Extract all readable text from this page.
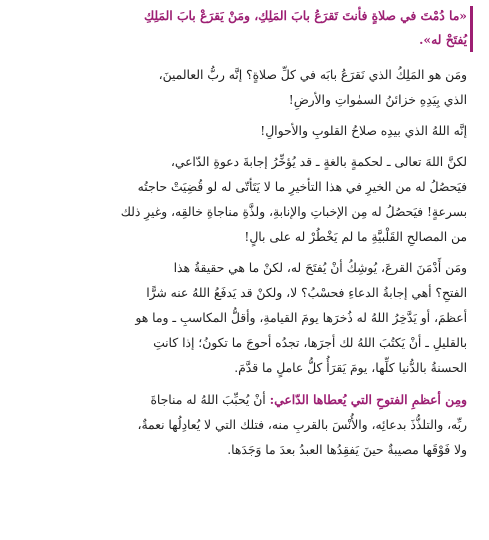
«ما دُمْتَ في صلاةٍ فأنتَ تَقرَعُ بابَ المَلِكِ، ومَنْ يَقرَعْ بابَ المَلِكِ
يُفتَحْ له».
ومَن هو المَلِكُ الذي نَقرَعُ بابَه في كلِّ صلاةٍ؟ إنَّه ربُّ العالمينَ،
الذي بِيَدِهِ خزائنُ السمٰواتِ والأرضِ!
إنَّه اللهُ الذي بيدِه صلاحُ القلوبِ والأحوالِ!
لكنَّ اللهَ تعالى ـ لحكمةٍ بالغةٍ ـ قد يُؤخِّرُ إجابةَ دعوةِ الدّاعي،
فيَحصُلُ له من الخيرِ في هذا التأخيرِ ما لا يَتَأتّى له لو قُضِيَتْ حاجتُه
بسرعةٍ! فيَحصُلُ له مِن الإخباتِ والإنابةِ، ولذَّةِ مناجاةِ خالقِه، وغيرِ ذلك
من المصالحِ القَلْبيَّةِ ما لم يَخْطُرْ له على بالٍ!
ومَن أَدْمَنَ القرعَ، يُوشِكُ أنْ يُفتَحَ له، لكنْ ما هي حقيقةُ هذا
الفتحِ؟ أهي إجابةُ الدعاءِ فحسْبُ؟ لا، ولكنْ قد يَدفَعُ اللهُ عنه شرًّا
أعظمَ، أو يَدَّخِرُ اللهُ له ذُخرَها يومَ القيامةِ، وأقلُّ المكاسبِ ـ وما هو
بالقليلِ ـ أنْ يَكتُبَ اللهُ لك أجرَها، تجدُه أحوجَ ما تكونُ؛ إذا كانتِ
الحسنةُ بالدُّنيا كلِّها، يومَ يَقرَأُ كلُّ عاملٍ ما قدَّمَ.
ومِن أعظمِ الفتوحِ التي يُعطاها الدّاعي: أنْ يُحبِّبَ اللهُ له مناجاةَ
ربِّه، والتلذُّذَ بدعائِه، والأُنْسَ بالقربِ منه، فتلك التي لا يُعادِلُها نعمةٌ،
ولا فَوْقَها مصيبةٌ حينَ يَفقِدُها العبدُ بعدَ ما وَجَدَها.
